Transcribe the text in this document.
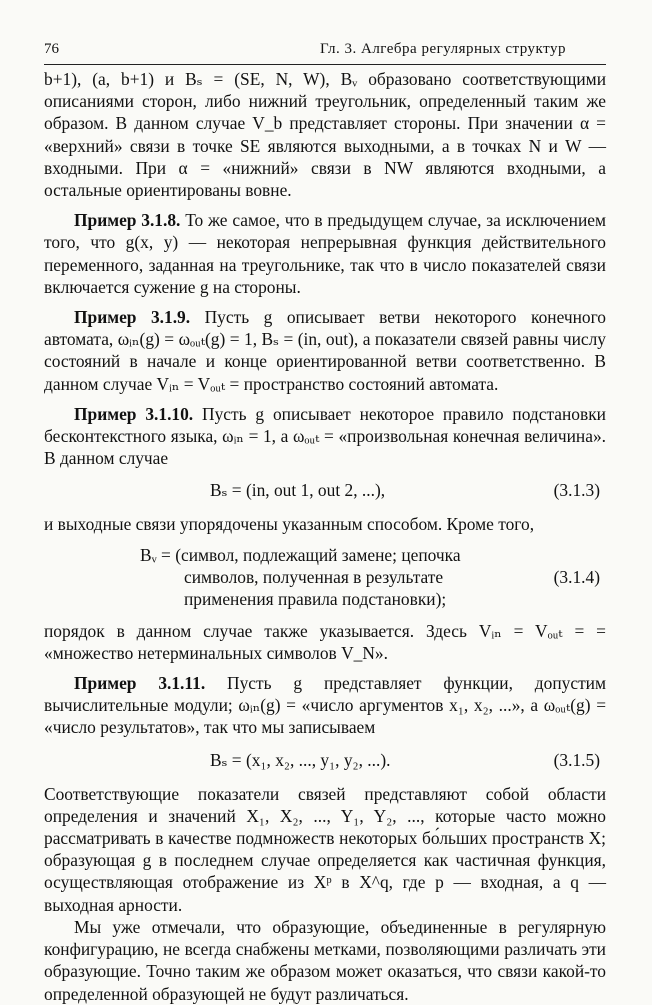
76	Гл. 3. Алгебра регулярных структур

b+1), (a, b+1) и Bₛ = (SE, N, W), Bᵥ образовано соответствующими описаниями сторон, либо нижний треугольник, определенный таким же образом. В данном случае V_b представляет стороны. При значении α = «верхний» связи в точке SE являются выходными, а в точках N и W — входными. При α = «нижний» связи в NW являются входными, а остальные ориентированы вовне.

Пример 3.1.8. То же самое, что в предыдущем случае, за исключением того, что g(x, y) — некоторая непрерывная функция действительного переменного, заданная на треугольнике, так что в число показателей связи включается сужение g на стороны.

Пример 3.1.9. Пусть g описывает ветви некоторого конечного автомата, ωᵢₙ(g) = ωₒᵤₜ(g) = 1, Bₛ = (in, out), а показатели связей равны числу состояний в начале и конце ориентированной ветви соответственно. В данном случае Vᵢₙ = Vₒᵤₜ = пространство состояний автомата.

Пример 3.1.10. Пусть g описывает некоторое правило подстановки бесконтекстного языка, ωᵢₙ = 1, а ωₒᵤₜ = «произвольная конечная величина». В данном случае

Bₛ = (in, out 1, out 2, ...),	(3.1.3)

и выходные связи упорядочены указанным способом. Кроме того,

Bᵥ = (символ, подлежащий замене; цепочка
символов, полученная в результате
применения правила подстановки);
(3.1.4)

порядок в данном случае также указывается. Здесь Vᵢₙ = Vₒᵤₜ = = «множество нетерминальных символов V_N».

Пример 3.1.11. Пусть g представляет функции, допустим вычислительные модули; ωᵢₙ(g) = «число аргументов x₁, x₂, ...», а ωₒᵤₜ(g) = «число результатов», так что мы записываем

Bₛ = (x₁, x₂, ..., y₁, y₂, ...).	(3.1.5)

Соответствующие показатели связей представляют собой области определения и значений X₁, X₂, ..., Y₁, Y₂, ..., которые часто можно рассматривать в качестве подмножеств некоторых бо́льших пространств X; образующая g в последнем случае определяется как частичная функция, осуществляющая отображение из Xᵖ в X^q, где p — входная, а q — выходная арности.

Мы уже отмечали, что образующие, объединенные в регулярную конфигурацию, не всегда снабжены метками, позволяющими различать эти образующие. Точно таким же образом может оказаться, что связи какой-то определенной образующей не будут различаться.
